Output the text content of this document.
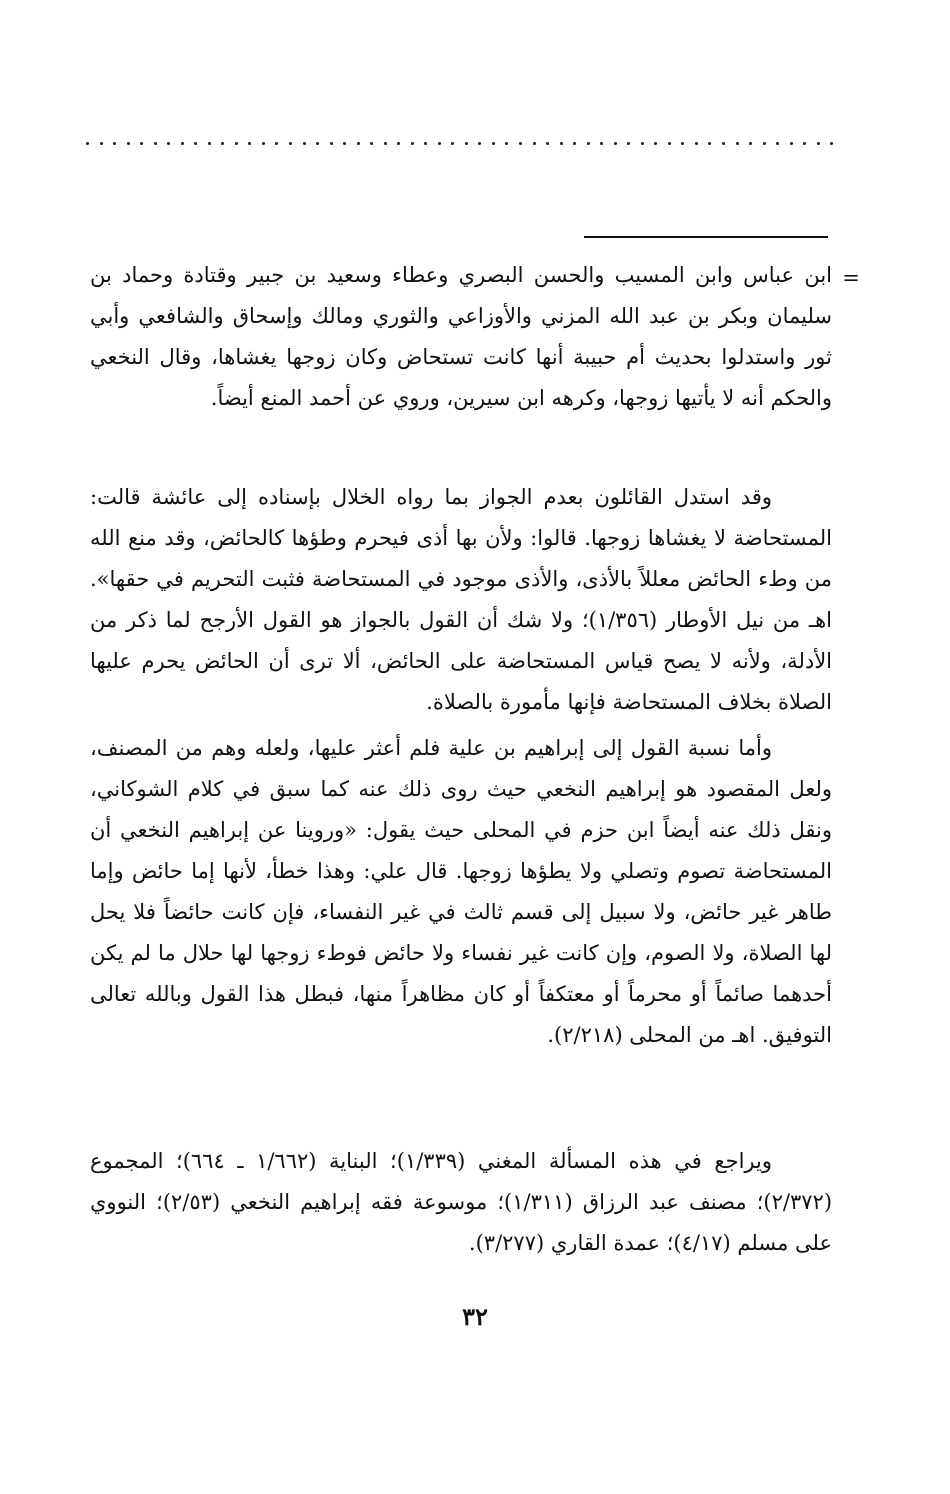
=
ابن عباس وابن المسيب والحسن البصري وعطاء وسعيد بن جبير وقتادة وحماد بن سليمان وبكر بن عبد الله المزني والأوزاعي والثوري ومالك وإسحاق والشافعي وأبي ثور واستدلوا بحديث أم حبيبة أنها كانت تستحاض وكان زوجها يغشاها، وقال النخعي والحكم أنه لا يأتيها زوجها، وكرهه ابن سيرين، وروي عن أحمد المنع أيضاً.
وقد استدل القائلون بعدم الجواز بما رواه الخلال بإسناده إلى عائشة قالت: المستحاضة لا يغشاها زوجها. قالوا: ولأن بها أذى فيحرم وطؤها كالحائض، وقد منع الله من وطء الحائض معللاً بالأذى، والأذى موجود في المستحاضة فثبت التحريم في حقها». اهـ من نيل الأوطار (١/٣٥٦)؛ ولا شك أن القول بالجواز هو القول الأرجح لما ذكر من الأدلة، ولأنه لا يصح قياس المستحاضة على الحائض، ألا ترى أن الحائض يحرم عليها الصلاة بخلاف المستحاضة فإنها مأمورة بالصلاة.
وأما نسبة القول إلى إبراهيم بن علية فلم أعثر عليها، ولعله وهم من المصنف، ولعل المقصود هو إبراهيم النخعي حيث روى ذلك عنه كما سبق في كلام الشوكاني، ونقل ذلك عنه أيضاً ابن حزم في المحلى حيث يقول: «وروينا عن إبراهيم النخعي أن المستحاضة تصوم وتصلي ولا يطؤها زوجها. قال علي: وهذا خطأ، لأنها إما حائض وإما طاهر غير حائض، ولا سبيل إلى قسم ثالث في غير النفساء، فإن كانت حائضاً فلا يحل لها الصلاة، ولا الصوم، وإن كانت غير نفساء ولا حائض فوطء زوجها لها حلال ما لم يكن أحدهما صائماً أو محرماً أو معتكفاً أو كان مظاهراً منها، فبطل هذا القول وبالله تعالى التوفيق. اهـ من المحلى (٢/٢١٨).
ويراجع في هذه المسألة المغني (١/٣٣٩)؛ البناية (١/٦٦٢ ـ ٦٦٤)؛ المجموع (٢/٣٧٢)؛ مصنف عبد الرزاق (١/٣١١)؛ موسوعة فقه إبراهيم النخعي (٢/٥٣)؛ النووي على مسلم (٤/١٧)؛ عمدة القاري (٣/٢٧٧).
٣٢
